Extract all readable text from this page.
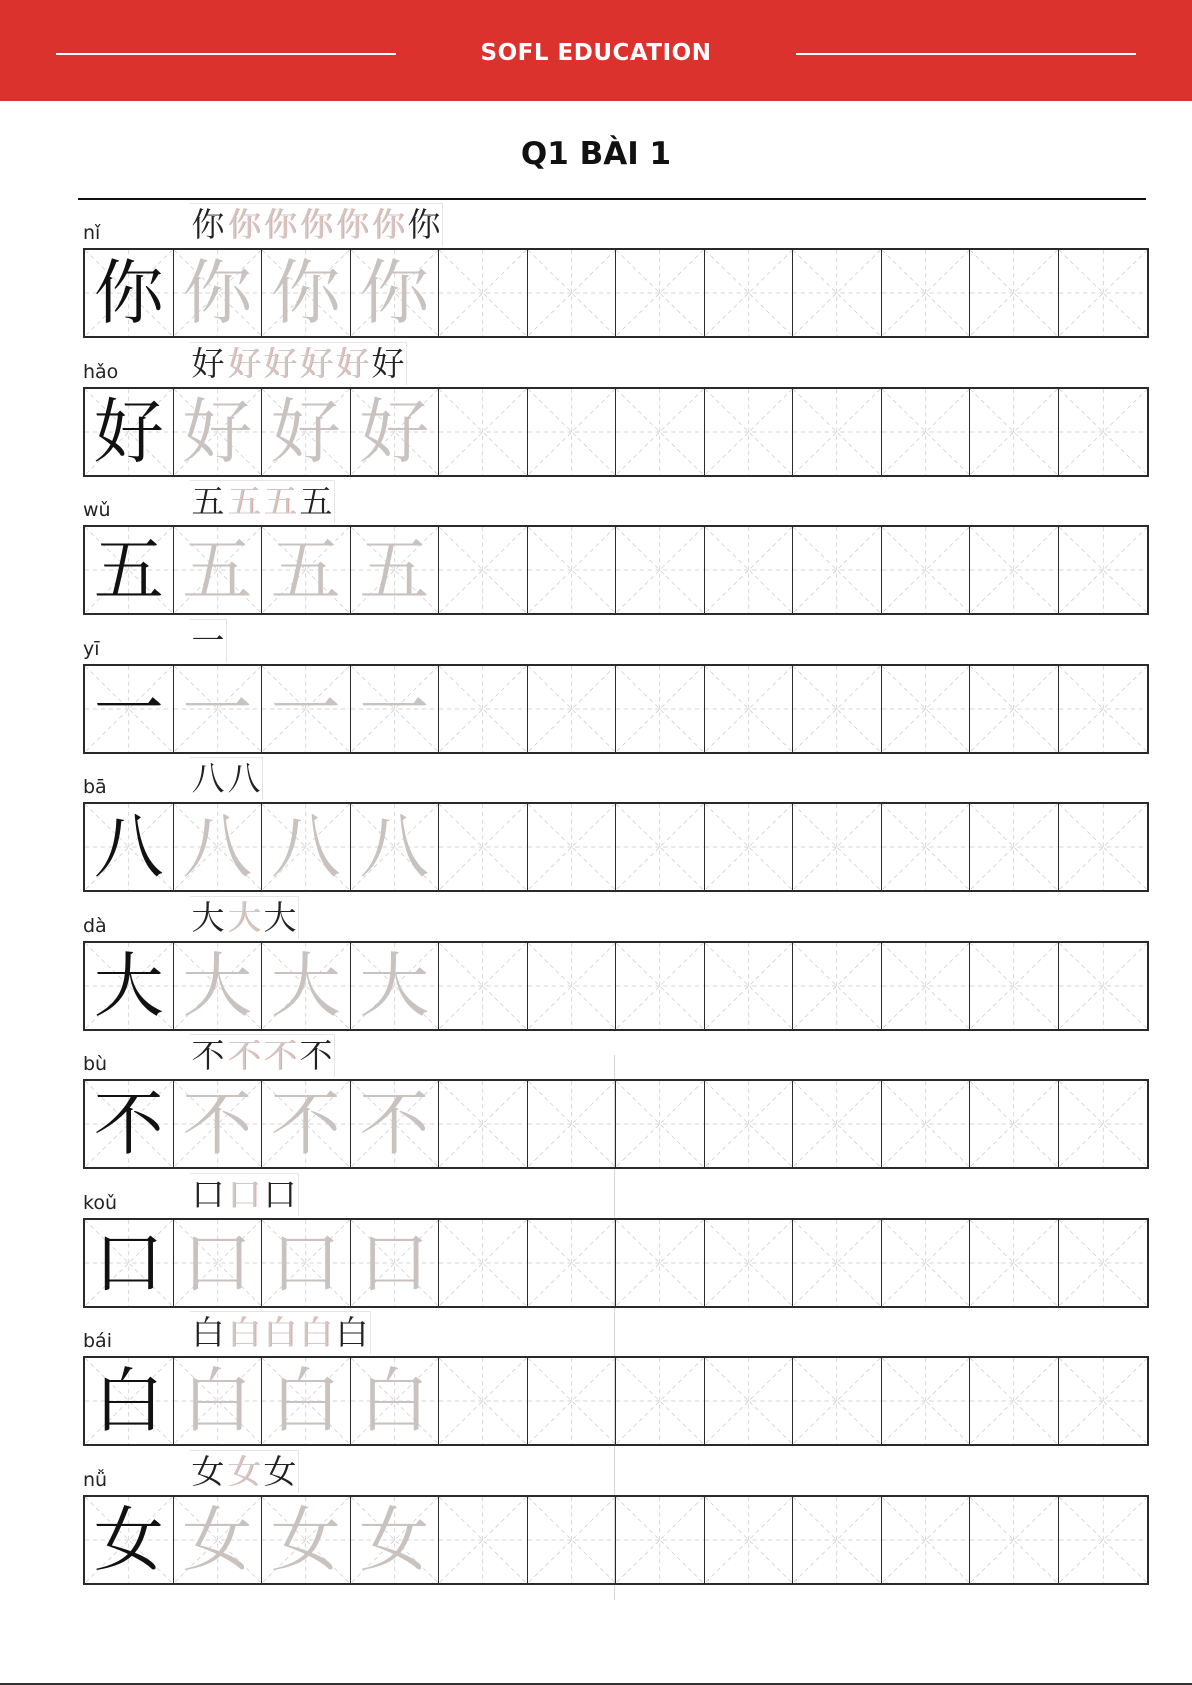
SOFL EDUCATION
Q1 BÀI 1
nǐ	你 你 你 你 你 你 你
你 你 你 你
hǎo 好 好 好 好 好 好
好 好 好 好
wǔ 五 五 五 五
五 五 五 五
yī	一
一 一 一 一
bā	八 八
八 八 八 八
dà	大 大 大
大 大 大 大
bù	不 不 不 不
不 不 不 不
koǔ 口 口 口
口 口 口 口
bái 白 白 白 白 白
白 白 白 白
nǚ	女 女 女
女 女 女 女
